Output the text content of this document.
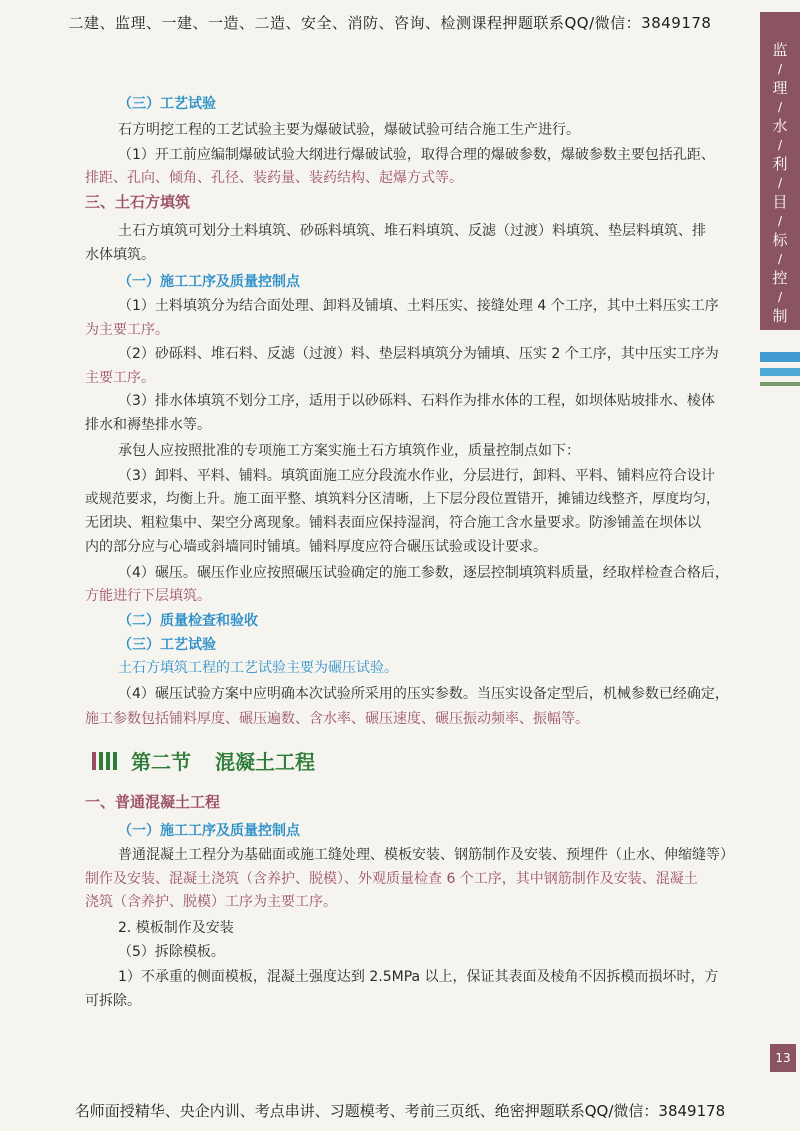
二建、监理、一建、一造、二造、安全、消防、咨询、检测课程押题联系QQ/微信：3849178
监
/
理
/
水
/
利
/
目
/
标
/
控
/
制
（三）工艺试验
石方明挖工程的工艺试验主要为爆破试验，爆破试验可结合施工生产进行。
（1）开工前应编制爆破试验大纲进行爆破试验，取得合理的爆破参数，爆破参数主要包括孔距、
排距、孔向、倾角、孔径、装药量、装药结构、起爆方式等。
三、土石方填筑
土石方填筑可划分土料填筑、砂砾料填筑、堆石料填筑、反滤（过渡）料填筑、垫层料填筑、排
水体填筑。
（一）施工工序及质量控制点
（1）土料填筑分为结合面处理、卸料及铺填、土料压实、接缝处理 4 个工序，其中土料压实工序
为主要工序。
（2）砂砾料、堆石料、反滤（过渡）料、垫层料填筑分为铺填、压实 2 个工序，其中压实工序为
主要工序。
（3）排水体填筑不划分工序，适用于以砂砾料、石料作为排水体的工程，如坝体贴坡排水、棱体
排水和褥垫排水等。
承包人应按照批准的专项施工方案实施土石方填筑作业，质量控制点如下：
（3）卸料、平料、铺料。填筑面施工应分段流水作业，分层进行，卸料、平料、铺料应符合设计
或规范要求，均衡上升。施工面平整、填筑料分区清晰，上下层分段位置错开，摊铺边线整齐，厚度均匀，
无团块、粗粒集中、架空分离现象。铺料表面应保持湿润，符合施工含水量要求。防渗铺盖在坝体以
内的部分应与心墙或斜墙同时铺填。铺料厚度应符合碾压试验或设计要求。
（4）碾压。碾压作业应按照碾压试验确定的施工参数，逐层控制填筑料质量，经取样检查合格后，
方能进行下层填筑。
（二）质量检查和验收
（三）工艺试验
土石方填筑工程的工艺试验主要为碾压试验。
（4）碾压试验方案中应明确本次试验所采用的压实参数。当压实设备定型后，机械参数已经确定，
施工参数包括铺料厚度、碾压遍数、含水率、碾压速度、碾压振动频率、振幅等。
第二节 混凝土工程
一、普通混凝土工程
（一）施工工序及质量控制点
普通混凝土工程分为基础面或施工缝处理、模板安装、钢筋制作及安装、预埋件（止水、伸缩缝等）
制作及安装、混凝土浇筑（含养护、脱模）、外观质量检查 6 个工序，其中钢筋制作及安装、混凝土
浇筑（含养护、脱模）工序为主要工序。
2. 模板制作及安装
（5）拆除模板。
1）不承重的侧面模板，混凝土强度达到 2.5MPa 以上，保证其表面及棱角不因拆模而损坏时，方
可拆除。
13
名师面授精华、央企内训、考点串讲、习题模考、考前三页纸、绝密押题联系QQ/微信：3849178
